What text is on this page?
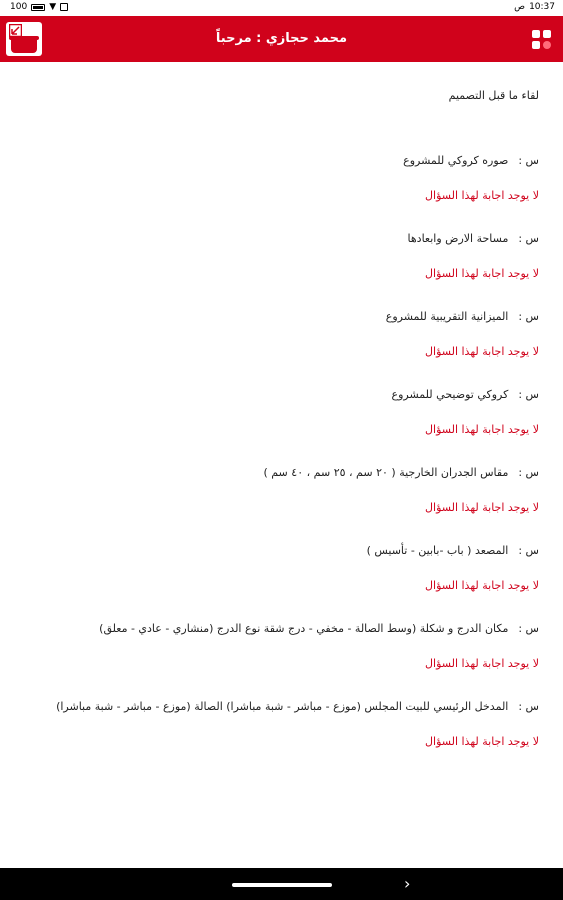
ص 10:37
100 ▼
محمد حجازي : مرحباً
لقاء ما قبل التصميم
س :
صوره كروكي للمشروع
لا يوجد اجابة لهذا السؤال
س :
مساحة الارض وابعادها
لا يوجد اجابة لهذا السؤال
س :
الميزانية التقريبية للمشروع
لا يوجد اجابة لهذا السؤال
س :
كروكي توضيحي للمشروع
لا يوجد اجابة لهذا السؤال
س :
مقاس الجدران الخارجية ( ٢٠ سم ، ٢٥ سم ، ٤٠ سم )
لا يوجد اجابة لهذا السؤال
س :
المصعد ( باب -بابين - تأسيس )
لا يوجد اجابة لهذا السؤال
س :
مكان الدرج و شكلة (وسط الصالة - مخفي - درج شقة نوع الدرج (منشاري - عادي - معلق)
لا يوجد اجابة لهذا السؤال
س :
المدخل الرئيسي للبيت المجلس (موزع - مباشر - شبة مباشرا) الصالة (موزع - مباشر - شبة مباشرا)
لا يوجد اجابة لهذا السؤال
›
